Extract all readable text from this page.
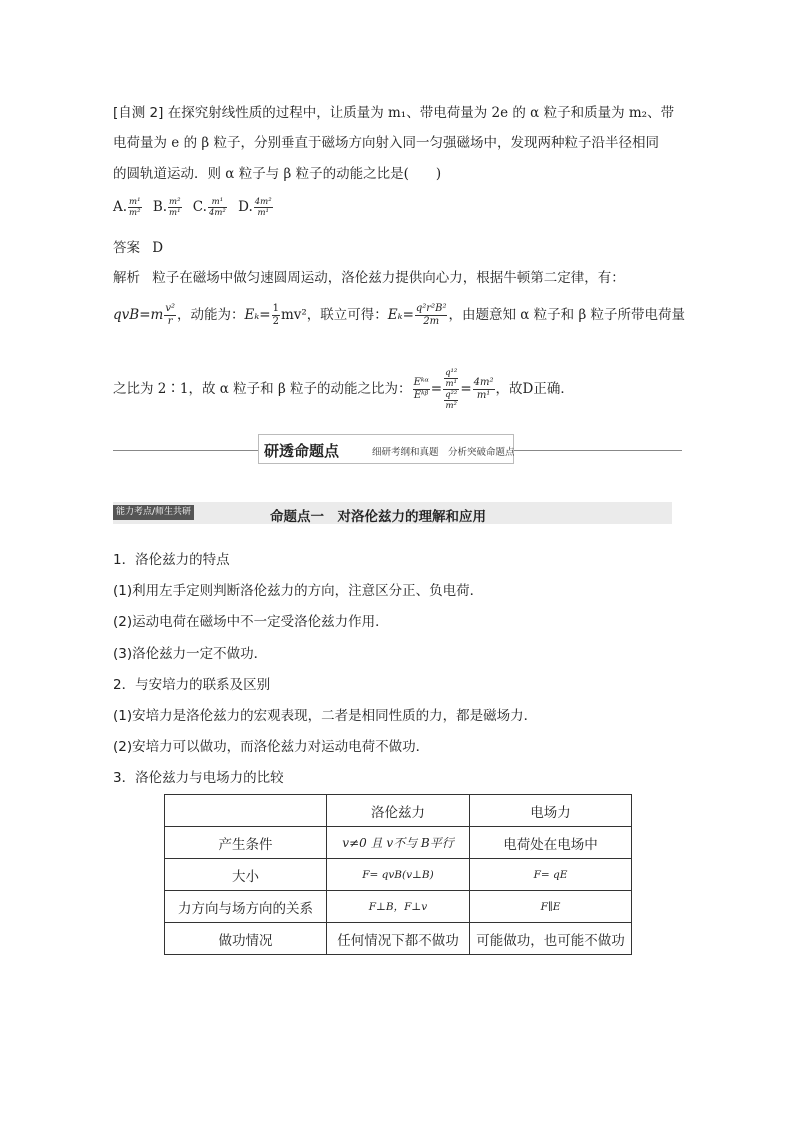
[自测 2] 在探究射线性质的过程中，让质量为 m₁、带电荷量为 2e 的 α 粒子和质量为 m₂、带
电荷量为 e 的 β 粒子，分别垂直于磁场方向射入同一匀强磁场中，发现两种粒子沿半径相同
的圆轨道运动．则 α 粒子与 β 粒子的动能之比是(　　)
A. $\frac{\text{m¹}}{\text{m²}} B$. $\frac{\text{m²}}{\text{m¹}} C$. $\frac{\text{m¹}}{\text{4m²}} D$. $\frac{\text{4m²}}{\text{m¹}}$
答案 D
解析 粒子在磁场中做匀速圆周运动，洛伦兹力提供向心力，根据牛顿第二定律，有：
$qvB=m \frac{\text{v²}}{r}$ ，动能为：$E_k= \frac{1}{2} mv^2$，联立可得：$E_k= \frac{\text{q²r²B²}}{2m}$ ，由题意知 α 粒子和 β 粒子所带电荷量
之比为 2∶1，故 α 粒子和 β 粒子的动能之比为： $\frac{\text{Eᵏᵅ}}{\text{Eᵏᵝ}} = \frac{\frac{\text{q¹²}}{\text{m¹}}}{\frac{\text{q²²}}{\text{m²}}} = \frac{\text{4m²}}{\text{m¹}}$ ，故D正确．
研透命题点	细研考纲和真题　分析突破命题点
能力考点/师生共研	命题点一　对洛伦兹力的理解和应用
1．洛伦兹力的特点
(1)利用左手定则判断洛伦兹力的方向，注意区分正、负电荷．
(2)运动电荷在磁场中不一定受洛伦兹力作用．
(3)洛伦兹力一定不做功．
2．与安培力的联系及区别
(1)安培力是洛伦兹力的宏观表现，二者是相同性质的力，都是磁场力．
(2)安培力可以做功，而洛伦兹力对运动电荷不做功．
3．洛伦兹力与电场力的比较
	洛伦兹力	电场力
产生条件	v≠0 且 v不与 B平行	电荷处在电场中
大小	F= qvB(v⊥B)	F= qE
力方向与场方向的关系	F⊥B，F⊥v	F∥E
做功情况	任何情况下都不做功	可能做功，也可能不做功
